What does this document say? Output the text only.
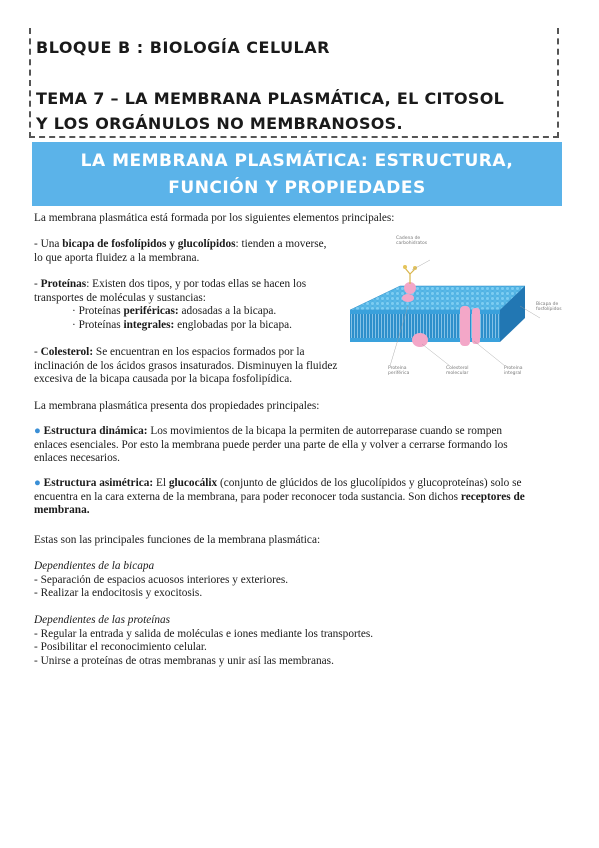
BLOQUE B : BIOLOGÍA CELULAR
TEMA 7 – LA MEMBRANA PLASMÁTICA, EL CITOSOL
Y LOS ORGÁNULOS NO MEMBRANOSOS.
LA MEMBRANA PLASMÁTICA: ESTRUCTURA,
FUNCIÓN Y PROPIEDADES
La membrana plasmática está formada por los siguientes elementos principales:
- Una bicapa de fosfolípidos y glucolípidos: tienden a moverse,
lo que aporta fluidez a la membrana.
- Proteínas: Existen dos tipos, y por todas ellas se hacen los
transportes de moléculas y sustancias:
· Proteínas periféricas: adosadas a la bicapa.
· Proteínas integrales: englobadas por la bicapa.
- Colesterol: Se encuentran en los espacios formados por la
inclinación de los ácidos grasos insaturados. Disminuyen la fluidez
excesiva de la bicapa causada por la bicapa fosfolipídica.
Cadena de
carbohidratos
Bicapa de
fosfolípidos
Proteína
periférica
Colesterol
molecular
Proteína
integral
La membrana plasmática presenta dos propiedades principales:
● Estructura dinámica: Los movimientos de la bicapa la permiten de autorreparase cuando se rompen
enlaces esenciales. Por esto la membrana puede perder una parte de ella y volver a cerrarse formando los
enlaces necesarios.
● Estructura asimétrica: El glucocálix (conjunto de glúcidos de los glucolípidos y glucoproteínas) solo se
encuentra en la cara externa de la membrana, para poder reconocer toda sustancia. Son dichos receptores de
membrana.
Estas son las principales funciones de la membrana plasmática:
Dependientes de la bicapa
- Separación de espacios acuosos interiores y exteriores.
- Realizar la endocitosis y exocitosis.
Dependientes de las proteínas
- Regular la entrada y salida de moléculas e iones mediante los transportes.
- Posibilitar el reconocimiento celular.
- Unirse a proteínas de otras membranas y unir así las membranas.
